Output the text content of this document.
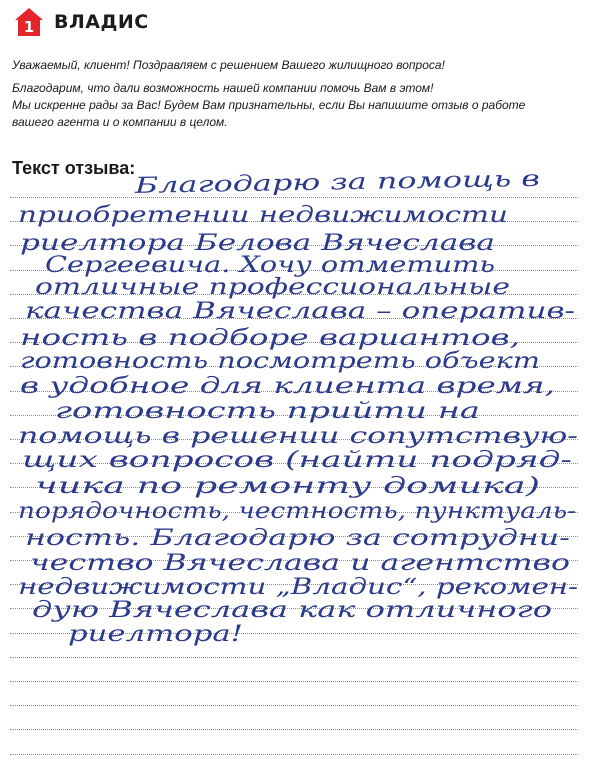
1 ВЛАДИС

Уважаемый, клиент! Поздравляем с решением Вашего жилищного вопроса!

Благодарим, что дали возможность нашей компании помочь Вам в этом!

Мы искренне рады за Вас! Будем Вам признательны, если Вы напишите отзыв о работе

вашего агента и о компании в целом.

Текст отзыва:
Благодарю за помощь в
приобретении недвижимости
риелтора Белова Вячеслава
Сергеевича. Хочу отметить
отличные профессиональные
качества Вячеслава – оператив-
ность в подборе вариантов,
готовность посмотреть объект
в удобное для клиента время,
готовность прийти на
помощь в решении сопутствую-
щих вопросов (найти подряд-
чика по ремонту домика)
порядочность, честность, пунктуаль-
ность. Благодарю за сотрудни-
чество Вячеслава и агентство
недвижимости „Владис“, рекомен-
дую Вячеслава как отличного
риелтора!
